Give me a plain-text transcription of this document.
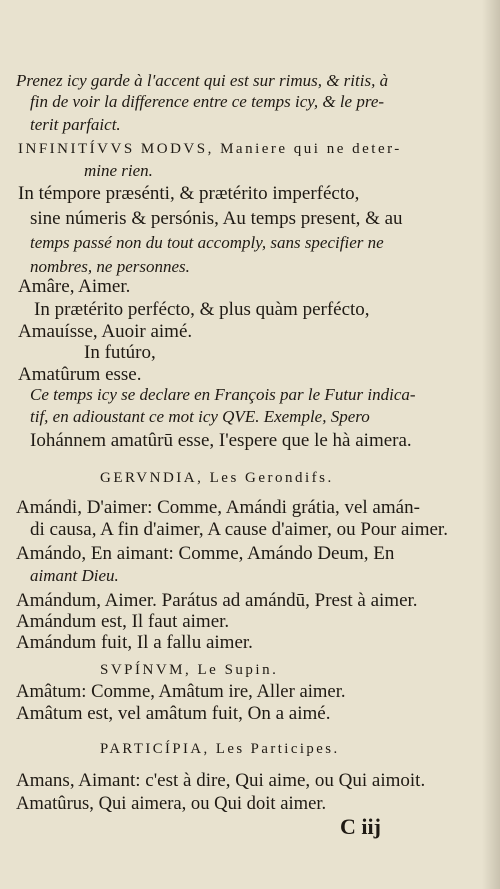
Prenez icy garde à l'accent qui est sur rimus, & ritis, à
fin de voir la difference entre ce temps icy, & le pre-
terit parfaict.
INFINITÍVVS MODVS, Maniere qui ne deter-
mine rien.
In témpore præsénti, & prætérito imperfécto,
sine númeris & persónis, Au temps present, & au
temps passé non du tout accomply, sans specifier ne
nombres, ne personnes.
Amâre, Aimer.
In prætérito perfécto, & plus quàm perfécto,
Amauísse, Auoir aimé.
In futúro,
Amatûrum esse.
Ce temps icy se declare en François par le Futur indica-
tif, en adioustant ce mot icy QVE. Exemple, Spero
Iohánnem amatûrū esse, I'espere que le hà aimera.
GERVNDIA, Les Gerondifs.
Amándi, D'aimer: Comme, Amándi grátia, vel amán-
di causa, A fin d'aimer, A cause d'aimer, ou Pour aimer.
Amándo, En aimant: Comme, Amándo Deum, En
aimant Dieu.
Amándum, Aimer. Parátus ad amándū, Prest à aimer.
Amándum est, Il faut aimer.
Amándum fuit, Il a fallu aimer.
SVPÍNVM, Le Supin.
Amâtum: Comme, Amâtum ire, Aller aimer.
Amâtum est, vel amâtum fuit, On a aimé.
PARTICÍPIA, Les Participes.
Amans, Aimant: c'est à dire, Qui aime, ou Qui aimoit.
Amatûrus, Qui aimera, ou Qui doit aimer.
C iij
